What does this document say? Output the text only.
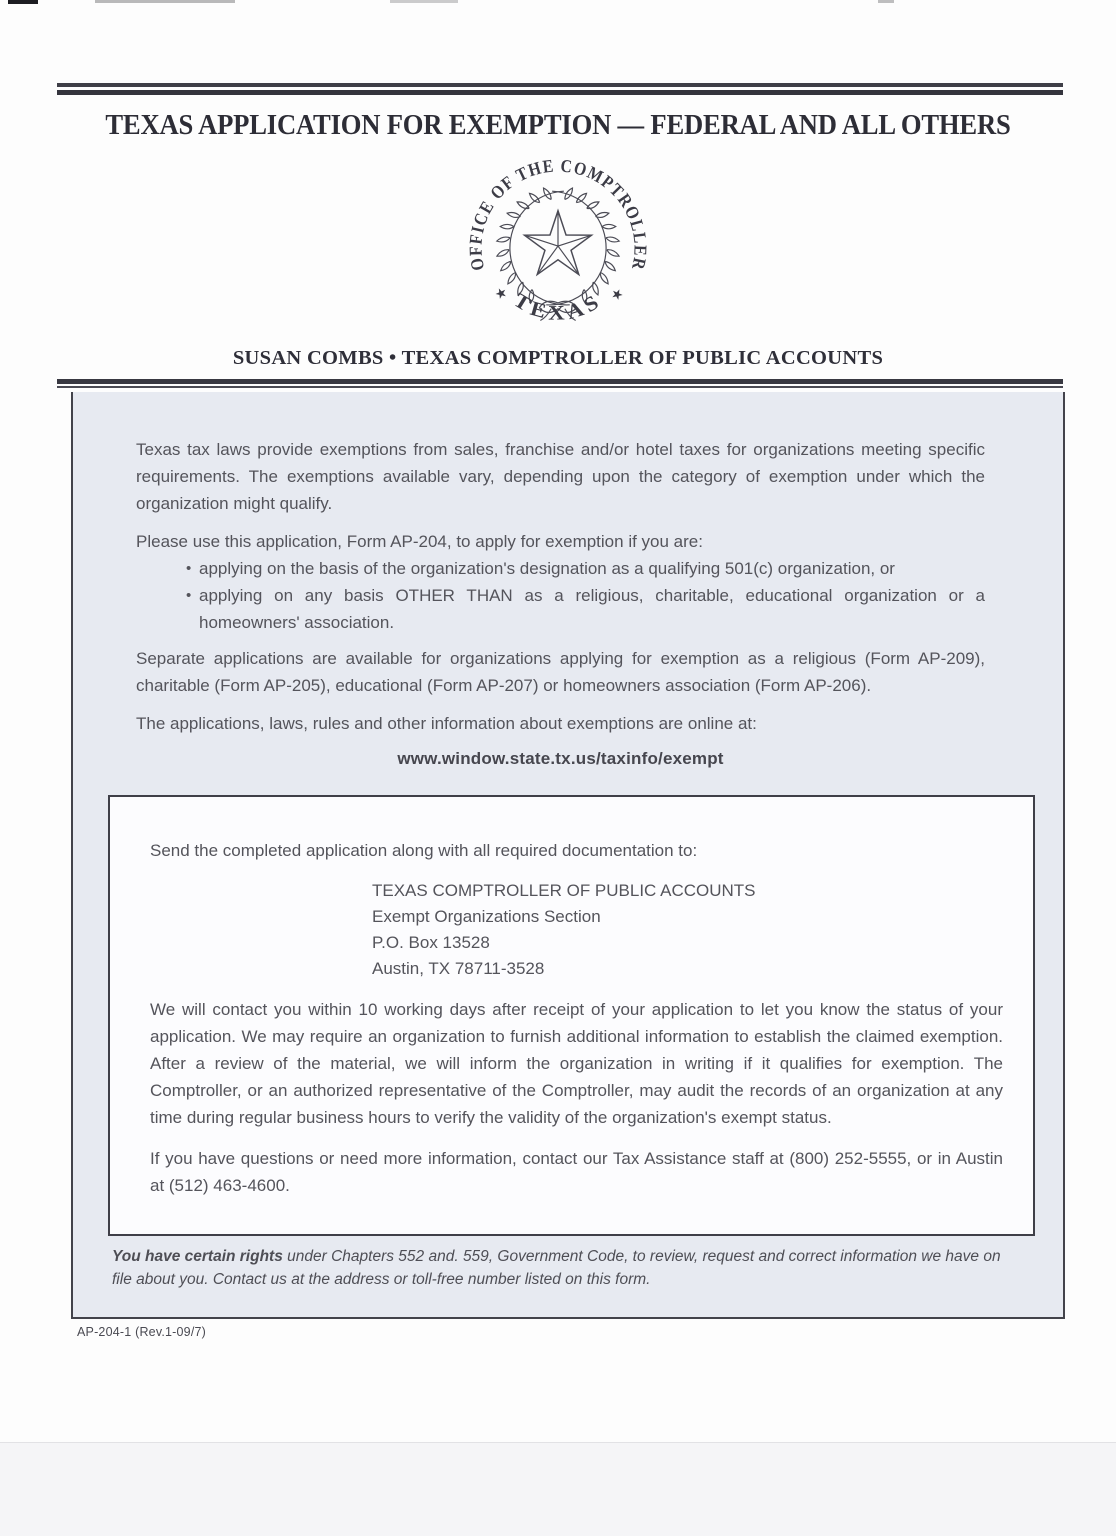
TEXAS APPLICATION FOR EXEMPTION — FEDERAL AND ALL OTHERS
OFFICE OF THE COMPTROLLER
TEXAS
★	★
SUSAN COMBS • TEXAS COMPTROLLER OF PUBLIC ACCOUNTS

Texas tax laws provide exemptions from sales, franchise and/or hotel taxes for organizations meeting specific requirements. The exemptions available vary, depending upon the category of exemption under which the organization might qualify.

Please use this application, Form AP-204, to apply for exemption if you are:

• applying on the basis of the organization's designation as a qualifying 501(c) organization, or
• applying on any basis OTHER THAN as a religious, charitable, educational organization or a homeowners' association.

Separate applications are available for organizations applying for exemption as a religious (Form AP-209), charitable (Form AP-205), educational (Form AP-207) or homeowners association (Form AP-206).

The applications, laws, rules and other information about exemptions are online at:

www.window.state.tx.us/taxinfo/exempt

Send the completed application along with all required documentation to:

TEXAS COMPTROLLER OF PUBLIC ACCOUNTS
Exempt Organizations Section
P.O. Box 13528
Austin, TX 78711-3528

We will contact you within 10 working days after receipt of your application to let you know the status of your application. We may require an organization to furnish additional information to establish the claimed exemption. After a review of the material, we will inform the organization in writing if it qualifies for exemption. The Comptroller, or an authorized representative of the Comptroller, may audit the records of an organization at any time during regular business hours to verify the validity of the organization's exempt status.

If you have questions or need more information, contact our Tax Assistance staff at (800) 252-5555, or in Austin at (512) 463-4600.

You have certain rights under Chapters 552 and. 559, Government Code, to review, request and correct information we have on file about you. Contact us at the address or toll-free number listed on this form.
AP-204-1 (Rev.1-09/7)
